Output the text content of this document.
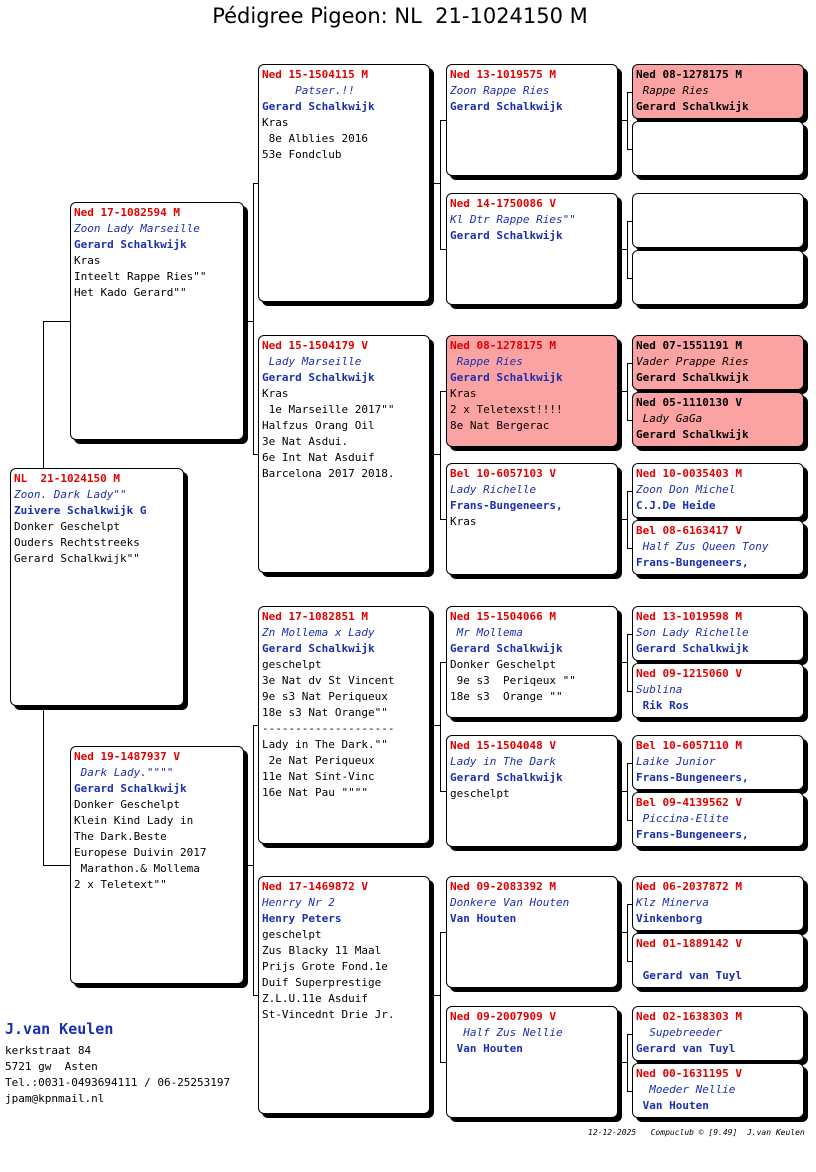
Pédigree Pigeon: NL  21-1024150 M
NL  21-1024150 M
Zoon. Dark Lady""
Zuivere Schalkwijk G
Donker Geschelpt
Ouders Rechtstreeks
Gerard Schalkwijk""
Ned 17-1082594 M
Zoon Lady Marseille
Gerard Schalkwijk
Kras
Inteelt Rappe Ries""
Het Kado Gerard""
Ned 19-1487937 V
Dark Lady.""""
Gerard Schalkwijk
Donker Geschelpt
Klein Kind Lady in
The Dark.Beste
Europese Duivin 2017
Marathon.& Mollema
2 x Teletext""
Ned 15-1504115 M
Patser.!!
Gerard Schalkwijk
Kras
8e Alblies 2016
53e Fondclub
Ned 15-1504179 V
Lady Marseille
Gerard Schalkwijk
Kras
1e Marseille 2017""
Halfzus Orang Oil
3e Nat Asdui.
6e Int Nat Asduif
Barcelona 2017 2018.
Ned 17-1082851 M
Zn Mollema x Lady
Gerard Schalkwijk
geschelpt
3e Nat dv St Vincent
9e s3 Nat Periqueux
18e s3 Nat Orange""
--------------------
Lady in The Dark.""
2e Nat Periqueux
11e Nat Sint-Vinc
16e Nat Pau """"
Ned 17-1469872 V
Henrry Nr 2
Henry Peters
geschelpt
Zus Blacky 11 Maal
Prijs Grote Fond.1e
Duif Superprestige
Z.L.U.11e Asduif
St-Vincednt Drie Jr.
Ned 13-1019575 M
Zoon Rappe Ries
Gerard Schalkwijk
Ned 14-1750086 V
Kl Dtr Rappe Ries""
Gerard Schalkwijk
Ned 08-1278175 M
Rappe Ries
Gerard Schalkwijk
Kras
2 x Teletexst!!!!
8e Nat Bergerac
Bel 10-6057103 V
Lady Richelle
Frans-Bungeneers,
Kras
Ned 15-1504066 M
Mr Mollema
Gerard Schalkwijk
Donker Geschelpt
9e s3  Periqeux ""
18e s3  Orange ""
Ned 15-1504048 V
Lady in The Dark
Gerard Schalkwijk
geschelpt
Ned 09-2083392 M
Donkere Van Houten
Van Houten
Ned 09-2007909 V
Half Zus Nellie
Van Houten
Ned 08-1278175 M
Rappe Ries
Gerard Schalkwijk
Ned 07-1551191 M
Vader Prappe Ries
Gerard Schalkwijk
Ned 05-1110130 V
Lady GaGa
Gerard Schalkwijk
Ned 10-0035403 M
Zoon Don Michel
C.J.De Heide
Bel 08-6163417 V
Half Zus Queen Tony
Frans-Bungeneers,
Ned 13-1019598 M
Son Lady Richelle
Gerard Schalkwijk
Ned 09-1215060 V
Sublina
Rik Ros
Bel 10-6057110 M
Laike Junior
Frans-Bungeneers,
Bel 09-4139562 V
Piccina-Elite
Frans-Bungeneers,
Ned 06-2037872 M
Klz Minerva
Vinkenborg
Ned 01-1889142 V
Gerard van Tuyl
Ned 02-1638303 M
Supebreeder
Gerard van Tuyl
Ned 00-1631195 V
Moeder Nellie
Van Houten
J.van Keulen
kerkstraat 84
5721 gw  Asten
Tel.:0031-0493694111 / 06-25253197
jpam@kpnmail.nl
12-12-2025   Compuclub © [9.49]  J.van Keulen
